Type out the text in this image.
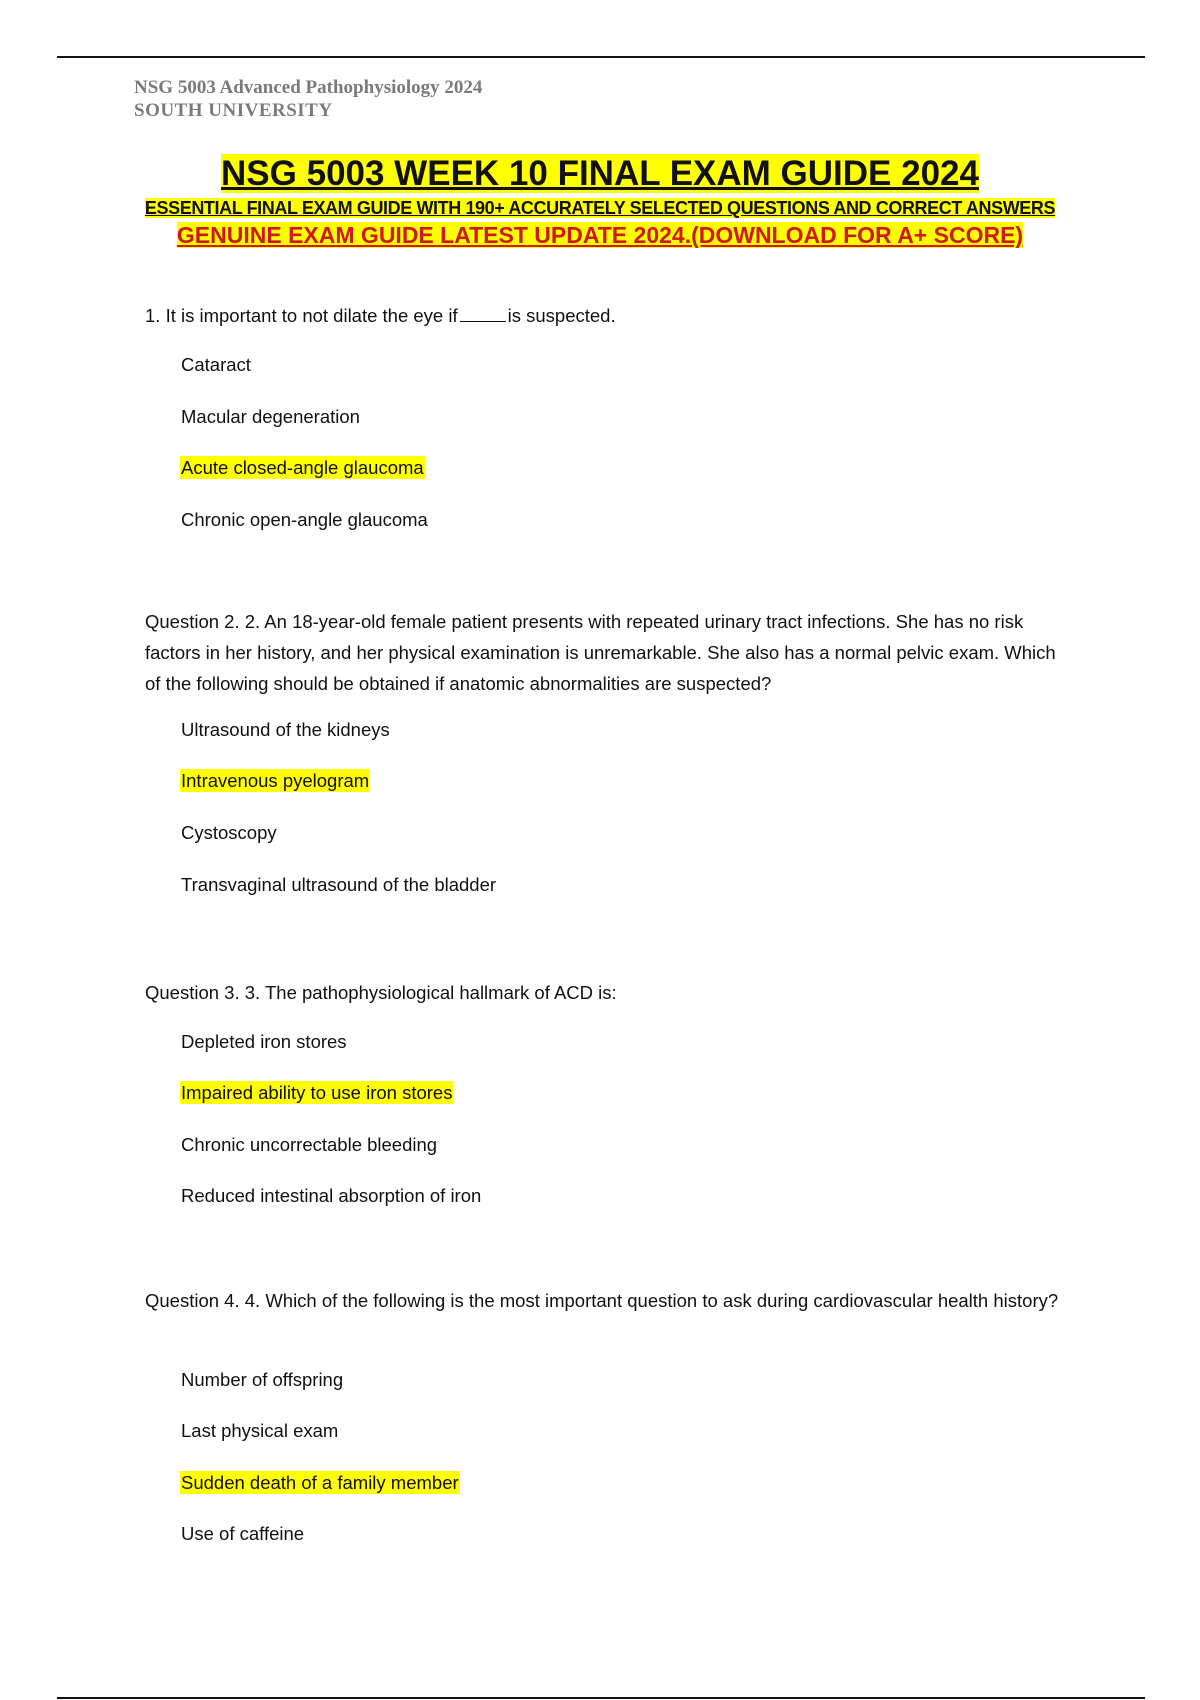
NSG 5003 Advanced Pathophysiology 2024
SOUTH UNIVERSITY
NSG 5003 WEEK 10 FINAL EXAM GUIDE 2024
ESSENTIAL FINAL EXAM GUIDE WITH 190+ ACCURATELY SELECTED QUESTIONS AND CORRECT ANSWERS
GENUINE EXAM GUIDE LATEST UPDATE 2024.(DOWNLOAD FOR A+ SCORE)

1. It is important to not dilate the eye if	is suspected.

Cataract
Macular degeneration
Acute closed-angle glaucoma
Chronic open-angle glaucoma

Question 2. 2. An 18-year-old female patient presents with repeated urinary tract infections. She has no risk factors in her history, and her physical examination is unremarkable. She also has a normal pelvic exam. Which of the following should be obtained if anatomic abnormalities are suspected?

Ultrasound of the kidneys
Intravenous pyelogram
Cystoscopy
Transvaginal ultrasound of the bladder

Question 3. 3. The pathophysiological hallmark of ACD is:

Depleted iron stores
Impaired ability to use iron stores
Chronic uncorrectable bleeding
Reduced intestinal absorption of iron

Question 4. 4. Which of the following is the most important question to ask during cardiovascular health history?

Number of offspring
Last physical exam
Sudden death of a family member
Use of caffeine
